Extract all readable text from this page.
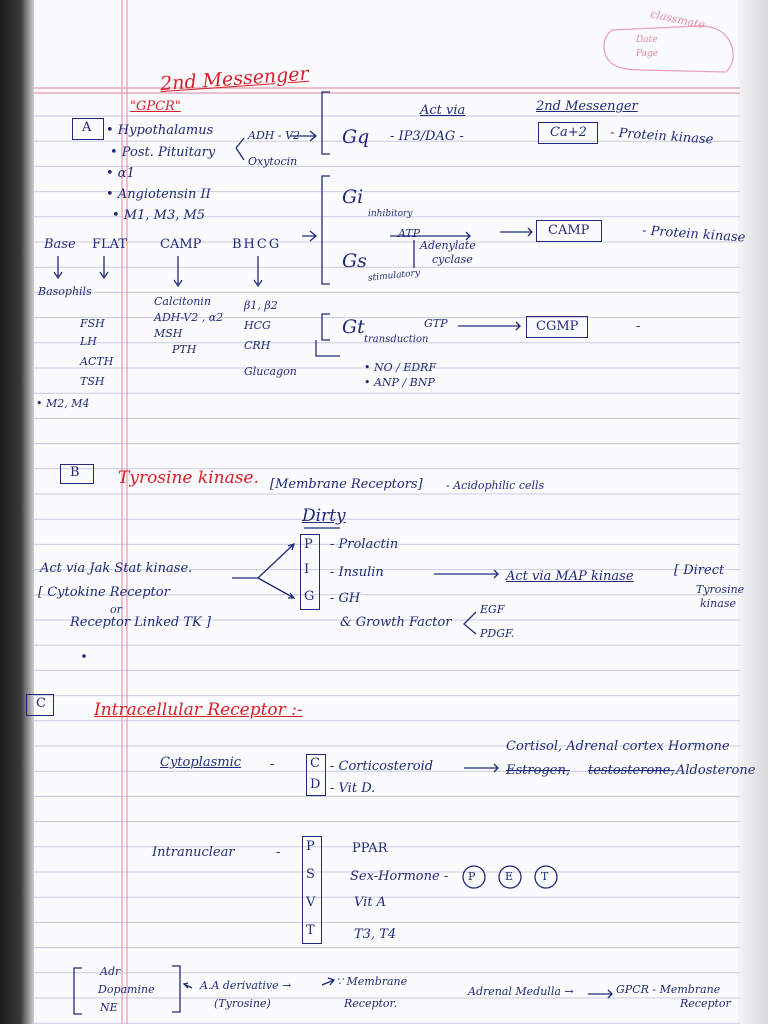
classmate
Date
Page
2nd Messenger
"GPCR"
A • Hypothalamus
• Post. Pituitary
• α1
• Angiotensin II
• M1, M3, M5
ADH - V2
Oxytocin
Gq
Act via
- IP3/DAG -
2nd Messenger
Ca+2 - Protein kinase
Gi
inhibitory
Gs
stimulatory
ATP
Adenylate
cyclase
CAMP	- Protein kinase
Gt
transduction
GTP	CGMP	-
• NO / EDRF
• ANP / BNP
Base FLAT	CAMP BHCG
Basophils
FSH
LH
ACTH
TSH
Calcitonin
ADH-V2 , α2
MSH
PTH
β1, β2
HCG
CRH
Glucagon
• M2, M4
B Tyrosine kinase. [Membrane Receptors] - Acidophilic cells
Dirty
P
I
G
- Prolactin
- Insulin
- GH
& Growth Factor
EGF
PDGF.
Act via MAP kinase	[ Direct
Tyrosine
kinase
Act via Jak Stat kinase.
[ Cytokine Receptor
or
Receptor Linked TK ]
C	Intracellular Receptor :-
Cytoplasmic -	C
D
- Corticosteroid
- Vit D.
Cortisol, Adrenal cortex Hormone
Estrogen, testosterone, Aldosterone
Intranuclear	- P
S
V
T
PPAR
Sex-Hormone -
Vit A
T3, T4
P	E	T
Adr
Dopamine
NE
A.A derivative →
(Tyrosine)
∵ Membrane
Receptor.
Adrenal Medulla →	GPCR - Membrane
Receptor
